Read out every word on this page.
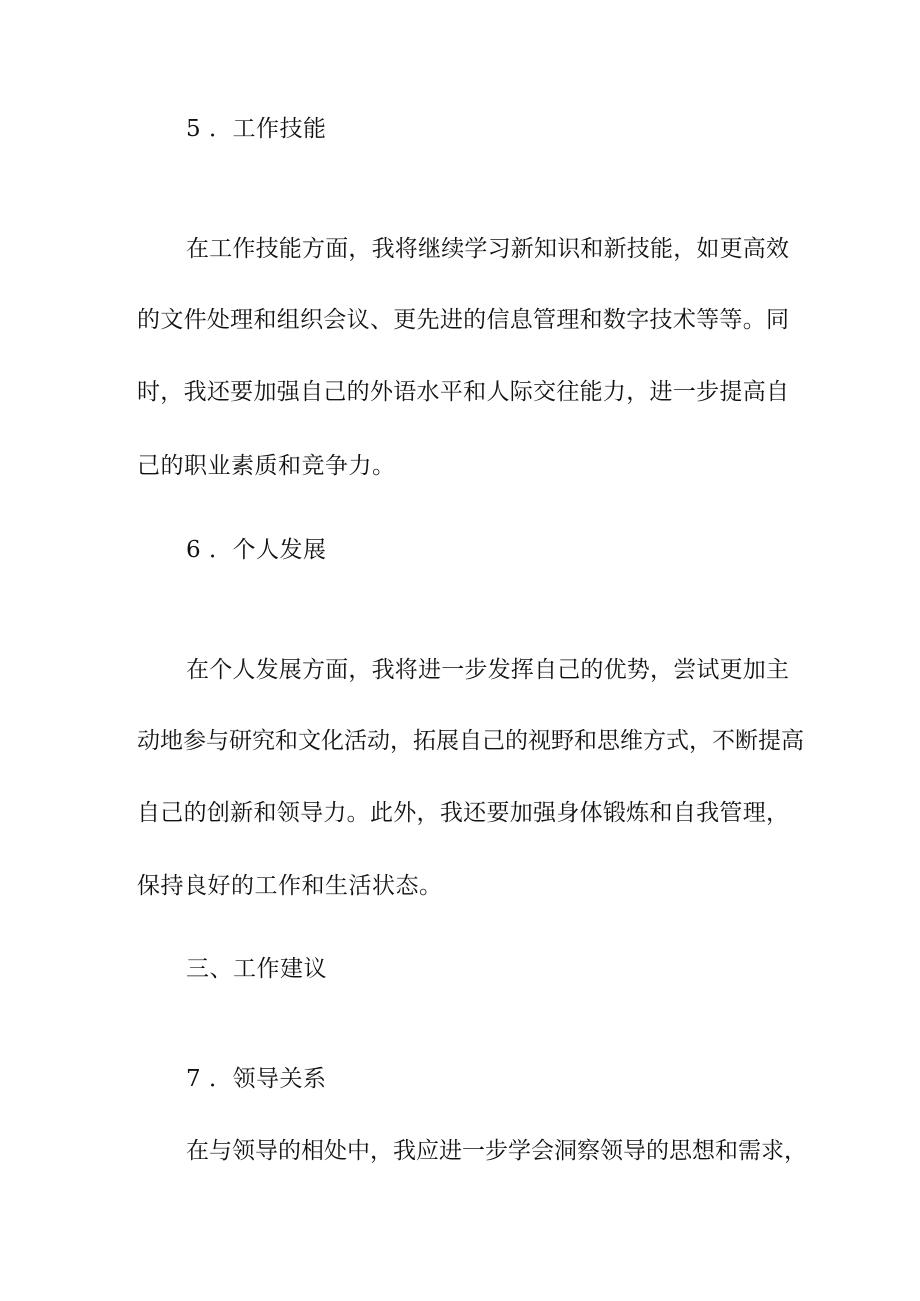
5 ．工作技能
在工作技能方面，我将继续学习新知识和新技能，如更高效
的文件处理和组织会议、更先进的信息管理和数字技术等等。同
时，我还要加强自己的外语水平和人际交往能力，进一步提高自
己的职业素质和竞争力。
6 ．个人发展
在个人发展方面，我将进一步发挥自己的优势，尝试更加主
动地参与研究和文化活动，拓展自己的视野和思维方式，不断提高
自己的创新和领导力。此外，我还要加强身体锻炼和自我管理，
保持良好的工作和生活状态。
三、工作建议
7 ．领导关系
在与领导的相处中，我应进一步学会洞察领导的思想和需求，
